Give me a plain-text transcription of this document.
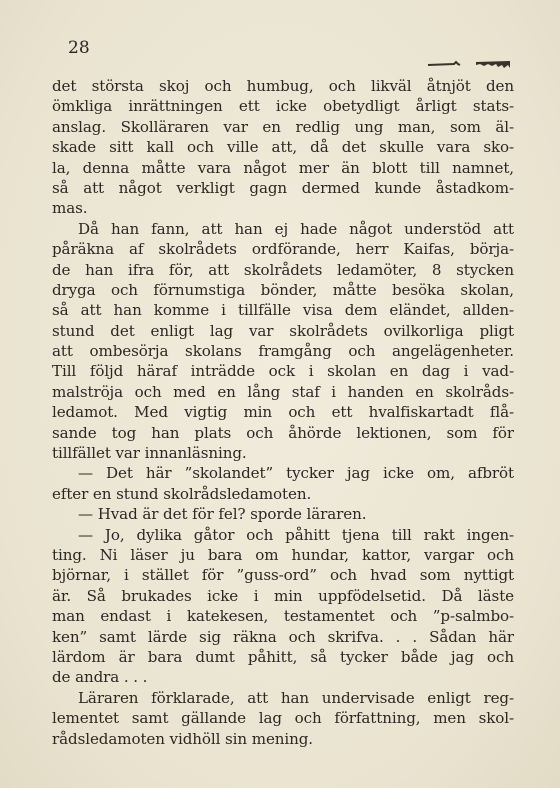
28
det största skoj och humbug, och likväl åtnjöt den
ömkliga inrättningen ett icke obetydligt årligt stats-
anslag. Skolläraren var en redlig ung man, som äl-
skade sitt kall och ville att, då det skulle vara sko-
la, denna måtte vara något mer än blott till namnet,
så att något verkligt gagn dermed kunde åstadkom-
mas.
Då han fann, att han ej hade något understöd att
påräkna af skolrådets ordförande, herr Kaifas, börja-
de han ifra för, att skolrådets ledamöter, 8 stycken
dryga och förnumstiga bönder, måtte besöka skolan,
så att han komme i tillfälle visa dem eländet, allden-
stund det enligt lag var skolrådets ovilkorliga pligt
att ombesörja skolans framgång och angelägenheter.
Till följd häraf inträdde ock i skolan en dag i vad-
malströja och med en lång staf i handen en skolråds-
ledamot. Med vigtig min och ett hvalfiskartadt flå-
sande tog han plats och åhörde lektionen, som för
tillfället var innanläsning.
— Det här ”skolandet” tycker jag icke om, afbröt
efter en stund skolrådsledamoten.
— Hvad är det för fel? sporde läraren.
— Jo, dylika gåtor och påhitt tjena till rakt ingen-
ting. Ni läser ju bara om hundar, kattor, vargar och
björnar, i stället för ”guss-ord” och hvad som nyttigt
är. Så brukades icke i min uppfödelsetid. Då läste
man endast i katekesen, testamentet och ”p-salmbo-
ken” samt lärde sig räkna och skrifva. . . Sådan här
lärdom är bara dumt påhitt, så tycker både jag och
de andra . . .
Läraren förklarade, att han undervisade enligt reg-
lementet samt gällande lag och författning, men skol-
rådsledamoten vidhöll sin mening.
